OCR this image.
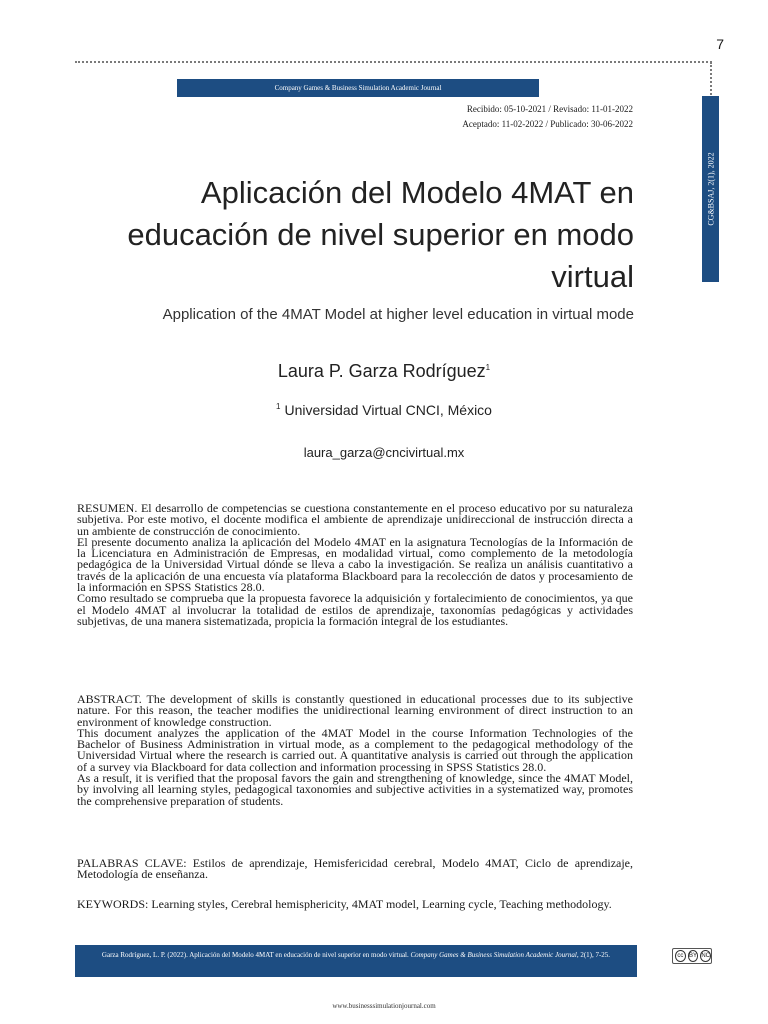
7
Company Games & Business Simulation Academic Journal
CG&BSAJ, 2(1), 2022
Recibido: 05-10-2021 / Revisado: 11-01-2022
Aceptado: 11-02-2022 / Publicado: 30-06-2022
Aplicación del Modelo 4MAT en
educación de nivel superior en modo
virtual
Application of the 4MAT Model at higher level education in virtual mode
Laura P. Garza Rodríguez$^1$
$^1$ Universidad Virtual CNCI, México
laura_garza@cncivirtual.mx

RESUMEN. El desarrollo de competencias se cuestiona constantemente en el proceso educativo por su naturaleza subjetiva. Por este motivo, el docente modifica el ambiente de aprendizaje unidireccional de instrucción directa a un ambiente de construcción de conocimiento.

El presente documento analiza la aplicación del Modelo 4MAT en la asignatura Tecnologías de la Información de la Licenciatura en Administración de Empresas, en modalidad virtual, como complemento de la metodología pedagógica de la Universidad Virtual dónde se lleva a cabo la investigación. Se realiza un análisis cuantitativo a través de la aplicación de una encuesta vía plataforma Blackboard para la recolección de datos y procesamiento de la información en SPSS Statistics 28.0.

Como resultado se comprueba que la propuesta favorece la adquisición y fortalecimiento de conocimientos, ya que el Modelo 4MAT al involucrar la totalidad de estilos de aprendizaje, taxonomías pedagógicas y actividades subjetivas, de una manera sistematizada, propicia la formación integral de los estudiantes.

ABSTRACT. The development of skills is constantly questioned in educational processes due to its subjective nature. For this reason, the teacher modifies the unidirectional learning environment of direct instruction to an environment of knowledge construction.

This document analyzes the application of the 4MAT Model in the course Information Technologies of the Bachelor of Business Administration in virtual mode, as a complement to the pedagogical methodology of the Universidad Virtual where the research is carried out. A quantitative analysis is carried out through the application of a survey via Blackboard for data collection and information processing in SPSS Statistics 28.0.

As a result, it is verified that the proposal favors the gain and strengthening of knowledge, since the 4MAT Model, by involving all learning styles, pedagogical taxonomies and subjective activities in a systematized way, promotes the comprehensive preparation of students.

PALABRAS CLAVE: Estilos de aprendizaje, Hemisfericidad cerebral, Modelo 4MAT, Ciclo de aprendizaje, Metodología de enseñanza.

KEYWORDS: Learning styles, Cerebral hemisphericity, 4MAT model, Learning cycle, Teaching methodology.

Garza Rodríguez, L. P. (2022). Aplicación del Modelo 4MAT en educación de nivel superior en modo virtual. Company Games & Business Simulation Academic Journal, 2(1), 7-25.	cc BY NC
www.businesssimulationjournal.com
